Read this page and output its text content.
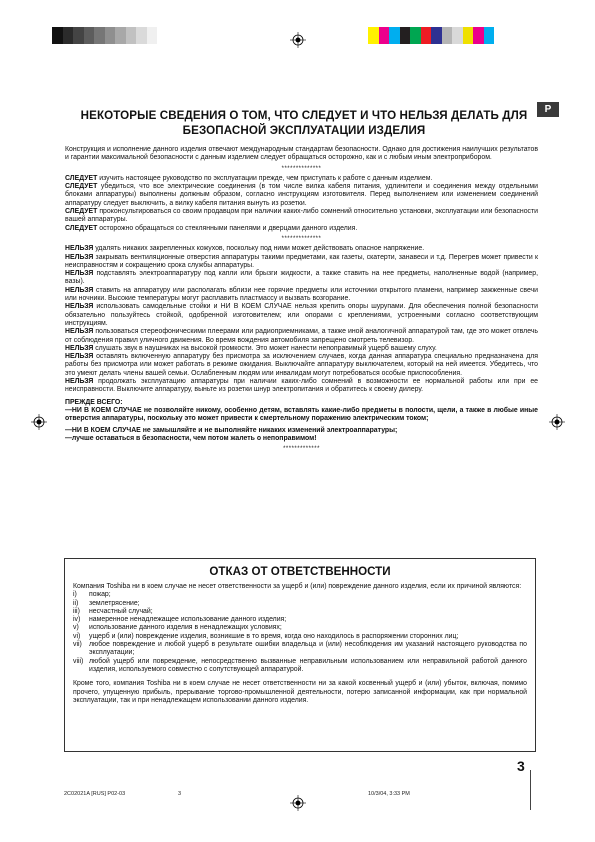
P
НЕКОТОРЫЕ СВЕДЕНИЯ О ТОМ, ЧТО СЛЕДУЕТ И ЧТО НЕЛЬЗЯ ДЕЛАТЬ ДЛЯ
БЕЗОПАСНОЙ ЭКСПЛУАТАЦИИ ИЗДЕЛИЯ

Конструкция и исполнение данного изделия отвечают международным стандартам безопасности. Однако для достижения наилучших результатов и гарантии максимальной безопасности с данным изделием следует обращаться осторожно, как и с любым иным электроприбором.

**************

СЛЕДУЕТ изучить настоящее руководство по эксплуатации прежде, чем приступать к работе с данным изделием.

СЛЕДУЕТ убедиться, что все электрические соединения (в том числе вилка кабеля питания, удлинители и соединения между отдельными блоками аппаратуры) выполнены должным образом, согласно инструкциям изготовителя. Перед выполнением или изменением соединений аппаратуру следует выключить, а вилку кабеля питания вынуть из розетки.

СЛЕДУЕТ проконсультироваться со своим продавцом при наличии каких-либо сомнений относительно установки, эксплуатации или безопасности вашей аппаратуры.

СЛЕДУЕТ осторожно обращаться со стеклянными панелями и дверцами данного изделия.

**************

НЕЛЬЗЯ удалять никаких закрепленных кожухов, поскольку под ними может действовать опасное напряжение.

НЕЛЬЗЯ закрывать вентиляционные отверстия аппаратуры такими предметами, как газеты, скатерти, занавеси и т.д. Перегрев может привести к неисправностям и сокращению срока службы аппаратуры.

НЕЛЬЗЯ подставлять электроаппаратуру под капли или брызги жидкости, а также ставить на нее предметы, наполненные водой (например, вазы).

НЕЛЬЗЯ ставить на аппаратуру или располагать вблизи нее горячие предметы или источники открытого пламени, например зажженные свечи или ночники. Высокие температуры могут расплавить пластмассу и вызвать возгорание.

НЕЛЬЗЯ использовать самодельные стойки и НИ В КОЕМ СЛУЧАЕ нельзя крепить опоры шурупами. Для обеспечения полной безопасности обязательно пользуйтесь стойкой, одобренной изготовителем; или опорами с креплениями, устроенными согласно соответствующим инструкциям.

НЕЛЬЗЯ пользоваться стереофоническими плеерами или радиоприемниками, а также иной аналогичной аппаратурой там, где это может отвлечь от соблюдения правил уличного движения. Во время вождения автомобиля запрещено смотреть телевизор.

НЕЛЬЗЯ слушать звук в наушниках на высокой громкости. Это может нанести непоправимый ущерб вашему слуху.

НЕЛЬЗЯ оставлять включенную аппаратуру без присмотра за исключением случаев, когда данная аппаратура специально предназначена для работы без присмотра или может работать в режиме ожидания. Выключайте аппаратуру выключателем, который на ней имеется. Убедитесь, что это умеют делать члены вашей семьи. Ослабленным людям или инвалидам могут потребоваться особые приспособления.

НЕЛЬЗЯ продолжать эксплуатацию аппаратуры при наличии каких-либо сомнений в возможности ее нормальной работы или при ее неисправности. Выключите аппаратуру, выньте из розетки шнур электропитания и обратитесь к своему дилеру.

ПРЕЖДЕ ВСЕГО:

—НИ В КОЕМ СЛУЧАЕ не позволяйте никому, особенно детям, вставлять какие-либо предметы в полости, щели, а также в любые иные отверстия аппаратуры, поскольку это может привести к смертельному поражению электрическим током;

—НИ В КОЕМ СЛУЧАЕ не замышляйте и не выполняйте никаких изменений электроаппаратуры;

—лучше оставаться в безопасности, чем потом жалеть о непоправимом!

*************
ОТКАЗ ОТ ОТВЕТСТВЕННОСТИ

Компания Toshiba ни в коем случае не несет ответственности за ущерб и (или) повреждение данного изделия, если их причиной являются:

i)	пожар;
ii)	землетрясение;
iii)	несчастный случай;
iv)	намеренное ненадлежащее использование данного изделия;
v)	использование данного изделия в ненадлежащих условиях;
vi)	ущерб и (или) повреждение изделия, возникшие в то время, когда оно находилось в распоряжении сторонних лиц;
vii)	любое повреждение и любой ущерб в результате ошибки владельца и (или) несоблюдения им указаний настоящего руководства по эксплуатации;
viii) любой ущерб или повреждение, непосредственно вызванные неправильным использованием или неправильной работой данного изделия, используемого совместно с сопутствующей аппаратурой.

Кроме того, компания Toshiba ни в коем случае не несет ответственности ни за какой косвенный ущерб и (или) убыток, включая, помимо прочего, упущенную прибыль, прерывание торгово-промышленной деятельности, потерю записанной информации, как при нормальной эксплуатации, так и при ненадлежащем использовании данного изделия.

3
2C02021A [RUS] P02-03	3	10/3/04, 3:33 PM
